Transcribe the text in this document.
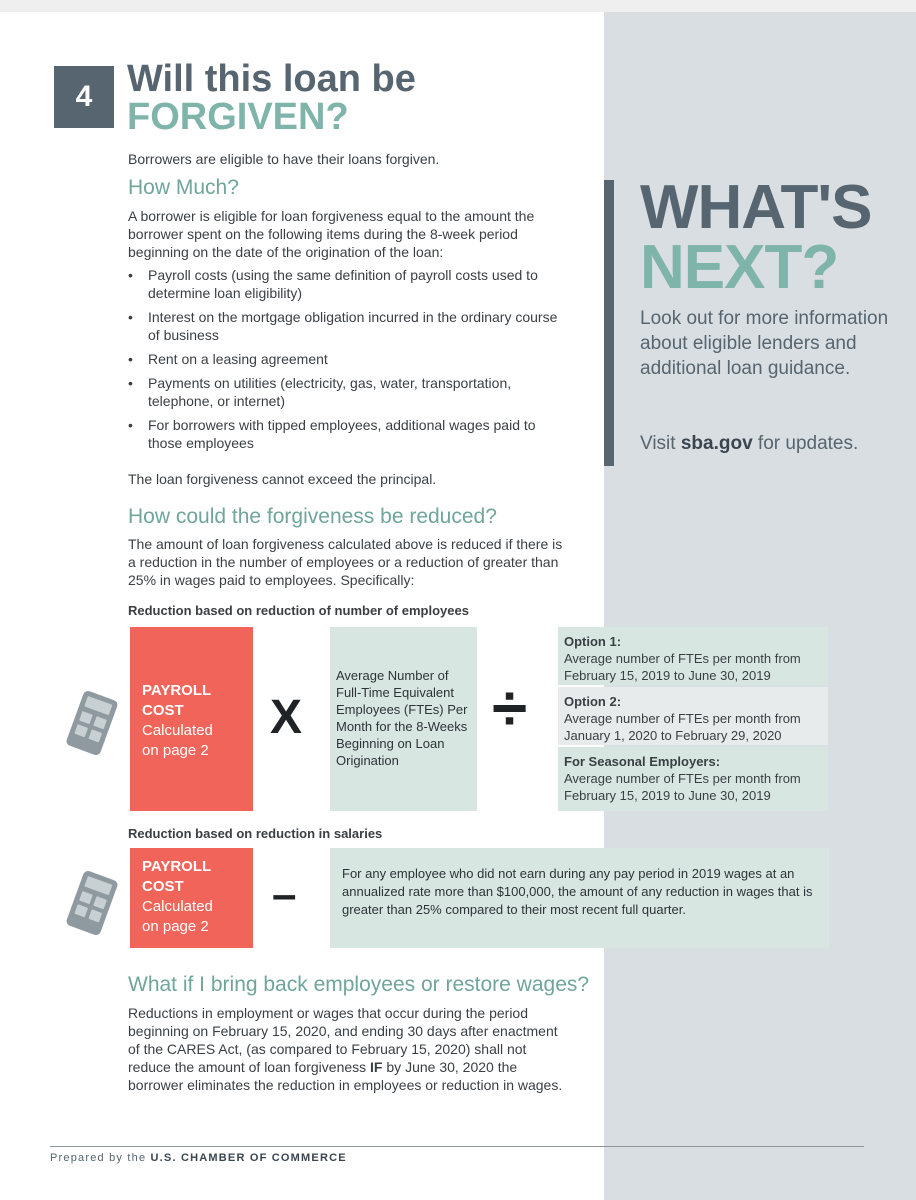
WHAT'S
NEXT?
Look out for more information about eligible lenders and additional loan guidance.
Visit sba.gov for updates.
4 Will this loan be
FORGIVEN?
Borrowers are eligible to have their loans forgiven.
How Much?
A borrower is eligible for loan forgiveness equal to the amount the borrower spent on the following items during the 8-week period beginning on the date of the origination of the loan:
• Payroll costs (using the same definition of payroll costs used to determine loan eligibility)
• Interest on the mortgage obligation incurred in the ordinary course of business
• Rent on a leasing agreement
• Payments on utilities (electricity, gas, water, transportation, telephone, or internet)
• For borrowers with tipped employees, additional wages paid to those employees
The loan forgiveness cannot exceed the principal.
How could the forgiveness be reduced?
The amount of loan forgiveness calculated above is reduced if there is a reduction in the number of employees or a reduction of greater than 25% in wages paid to employees. Specifically:
Reduction based on reduction of number of employees
PAYROLL
COST
Calculated
on page 2
X
Average Number of Full-Time Equivalent Employees (FTEs) Per Month for the 8-Weeks Beginning on Loan Origination
÷
Option 1:
Average number of FTEs per month from February 15, 2019 to June 30, 2019
Option 2:
Average number of FTEs per month from January 1, 2020 to February 29, 2020
For Seasonal Employers:
Average number of FTEs per month from February 15, 2019 to June 30, 2019
Reduction based on reduction in salaries
PAYROLL
COST
Calculated
on page 2
–	For any employee who did not earn during any pay period in 2019 wages at an annualized rate more than $100,000, the amount of any reduction in wages that is greater than 25% compared to their most recent full quarter.
What if I bring back employees or restore wages?
Reductions in employment or wages that occur during the period beginning on February 15, 2020, and ending 30 days after enactment of the CARES Act, (as compared to February 15, 2020) shall not reduce the amount of loan forgiveness IF by June 30, 2020 the borrower eliminates the reduction in employees or reduction in wages.
Prepared by the U.S. CHAMBER OF COMMERCE
